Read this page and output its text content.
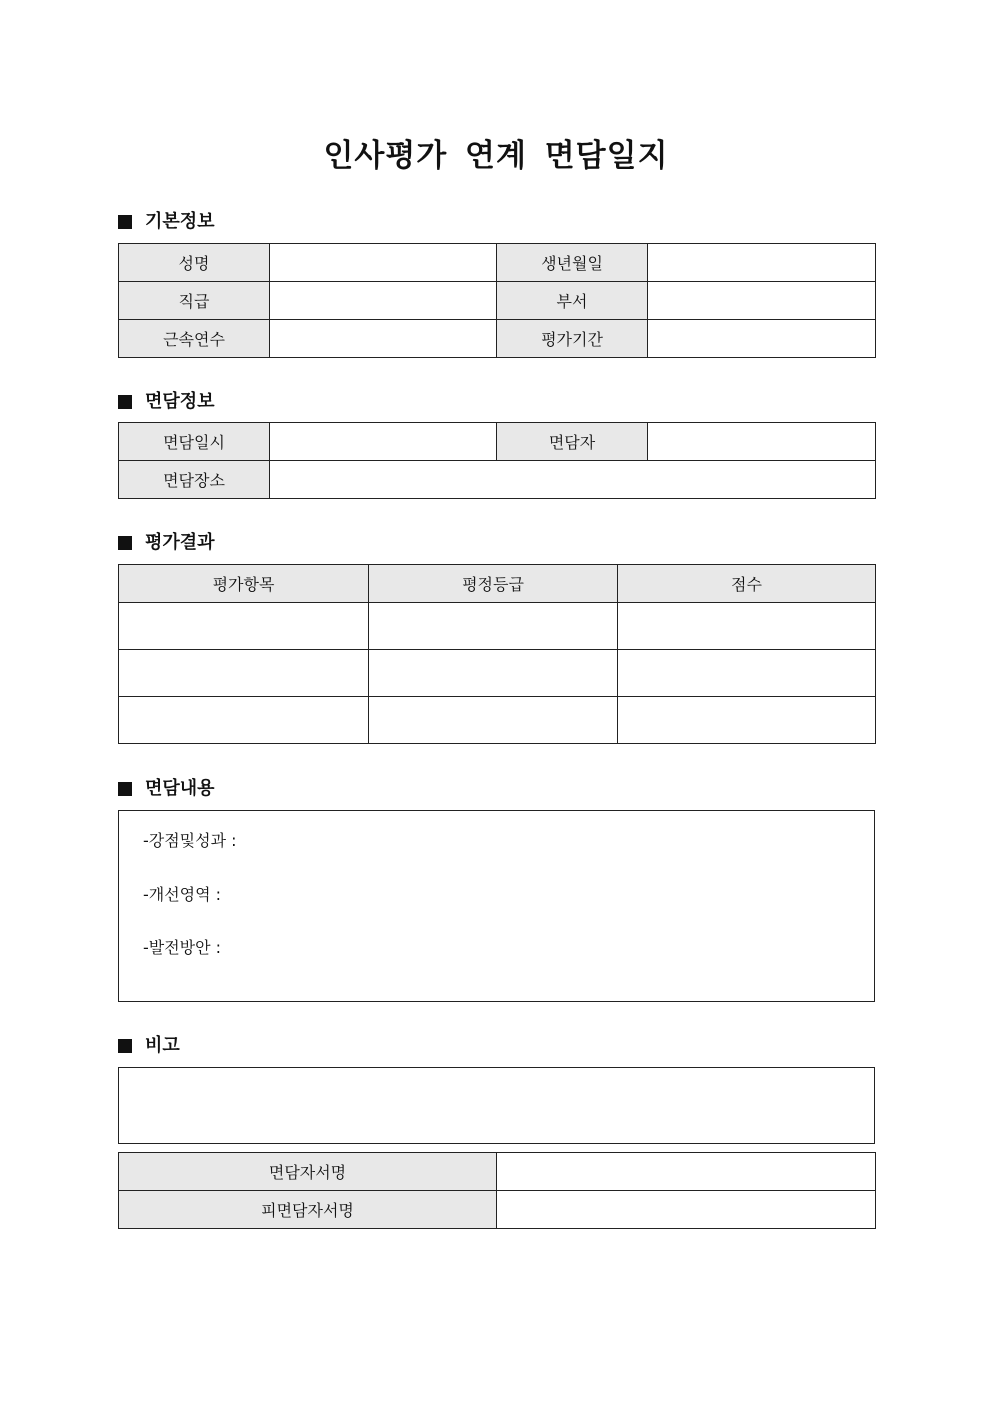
인사평가 연계 면담일지
기본정보
성명		생년월일	
직급		부서	
근속연수		평가기간	
면담정보
면담일시		면담자	
면담장소			
평가결과
평가항목	평정등급	점수

면담내용
-강점및성과 :
-개선영역 :
-발전방안 :
비고
면담자서명	
피면담자서명	
